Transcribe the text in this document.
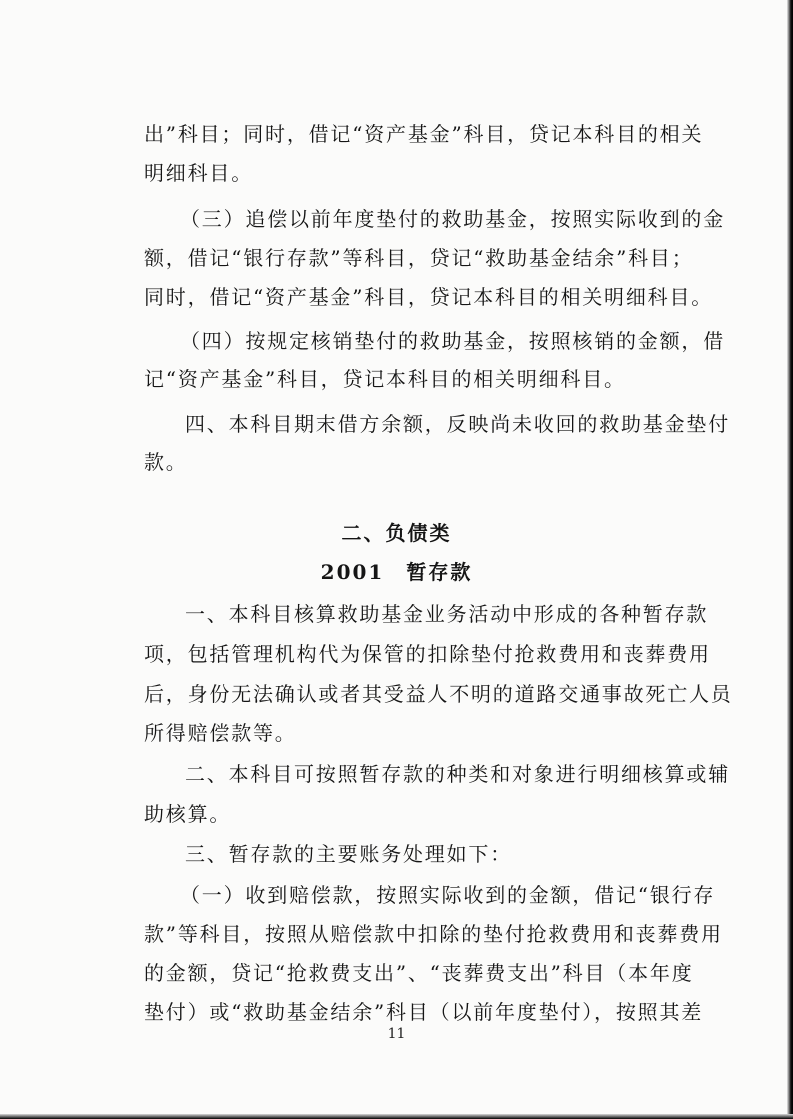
出”科目；同时，借记“资产基金”科目，贷记本科目的相关
明细科目。
（三）追偿以前年度垫付的救助基金，按照实际收到的金
额，借记“银行存款”等科目，贷记“救助基金结余”科目；
同时，借记“资产基金”科目，贷记本科目的相关明细科目。
（四）按规定核销垫付的救助基金，按照核销的金额，借
记“资产基金”科目，贷记本科目的相关明细科目。
四、本科目期末借方余额，反映尚未收回的救助基金垫付
款。
二、负债类
2001　暂存款
一、本科目核算救助基金业务活动中形成的各种暂存款
项，包括管理机构代为保管的扣除垫付抢救费用和丧葬费用
后，身份无法确认或者其受益人不明的道路交通事故死亡人员
所得赔偿款等。
二、本科目可按照暂存款的种类和对象进行明细核算或辅
助核算。
三、暂存款的主要账务处理如下：
（一）收到赔偿款，按照实际收到的金额，借记“银行存
款”等科目，按照从赔偿款中扣除的垫付抢救费用和丧葬费用
的金额，贷记“抢救费支出”、“丧葬费支出”科目（本年度
垫付）或“救助基金结余”科目（以前年度垫付），按照其差
11
